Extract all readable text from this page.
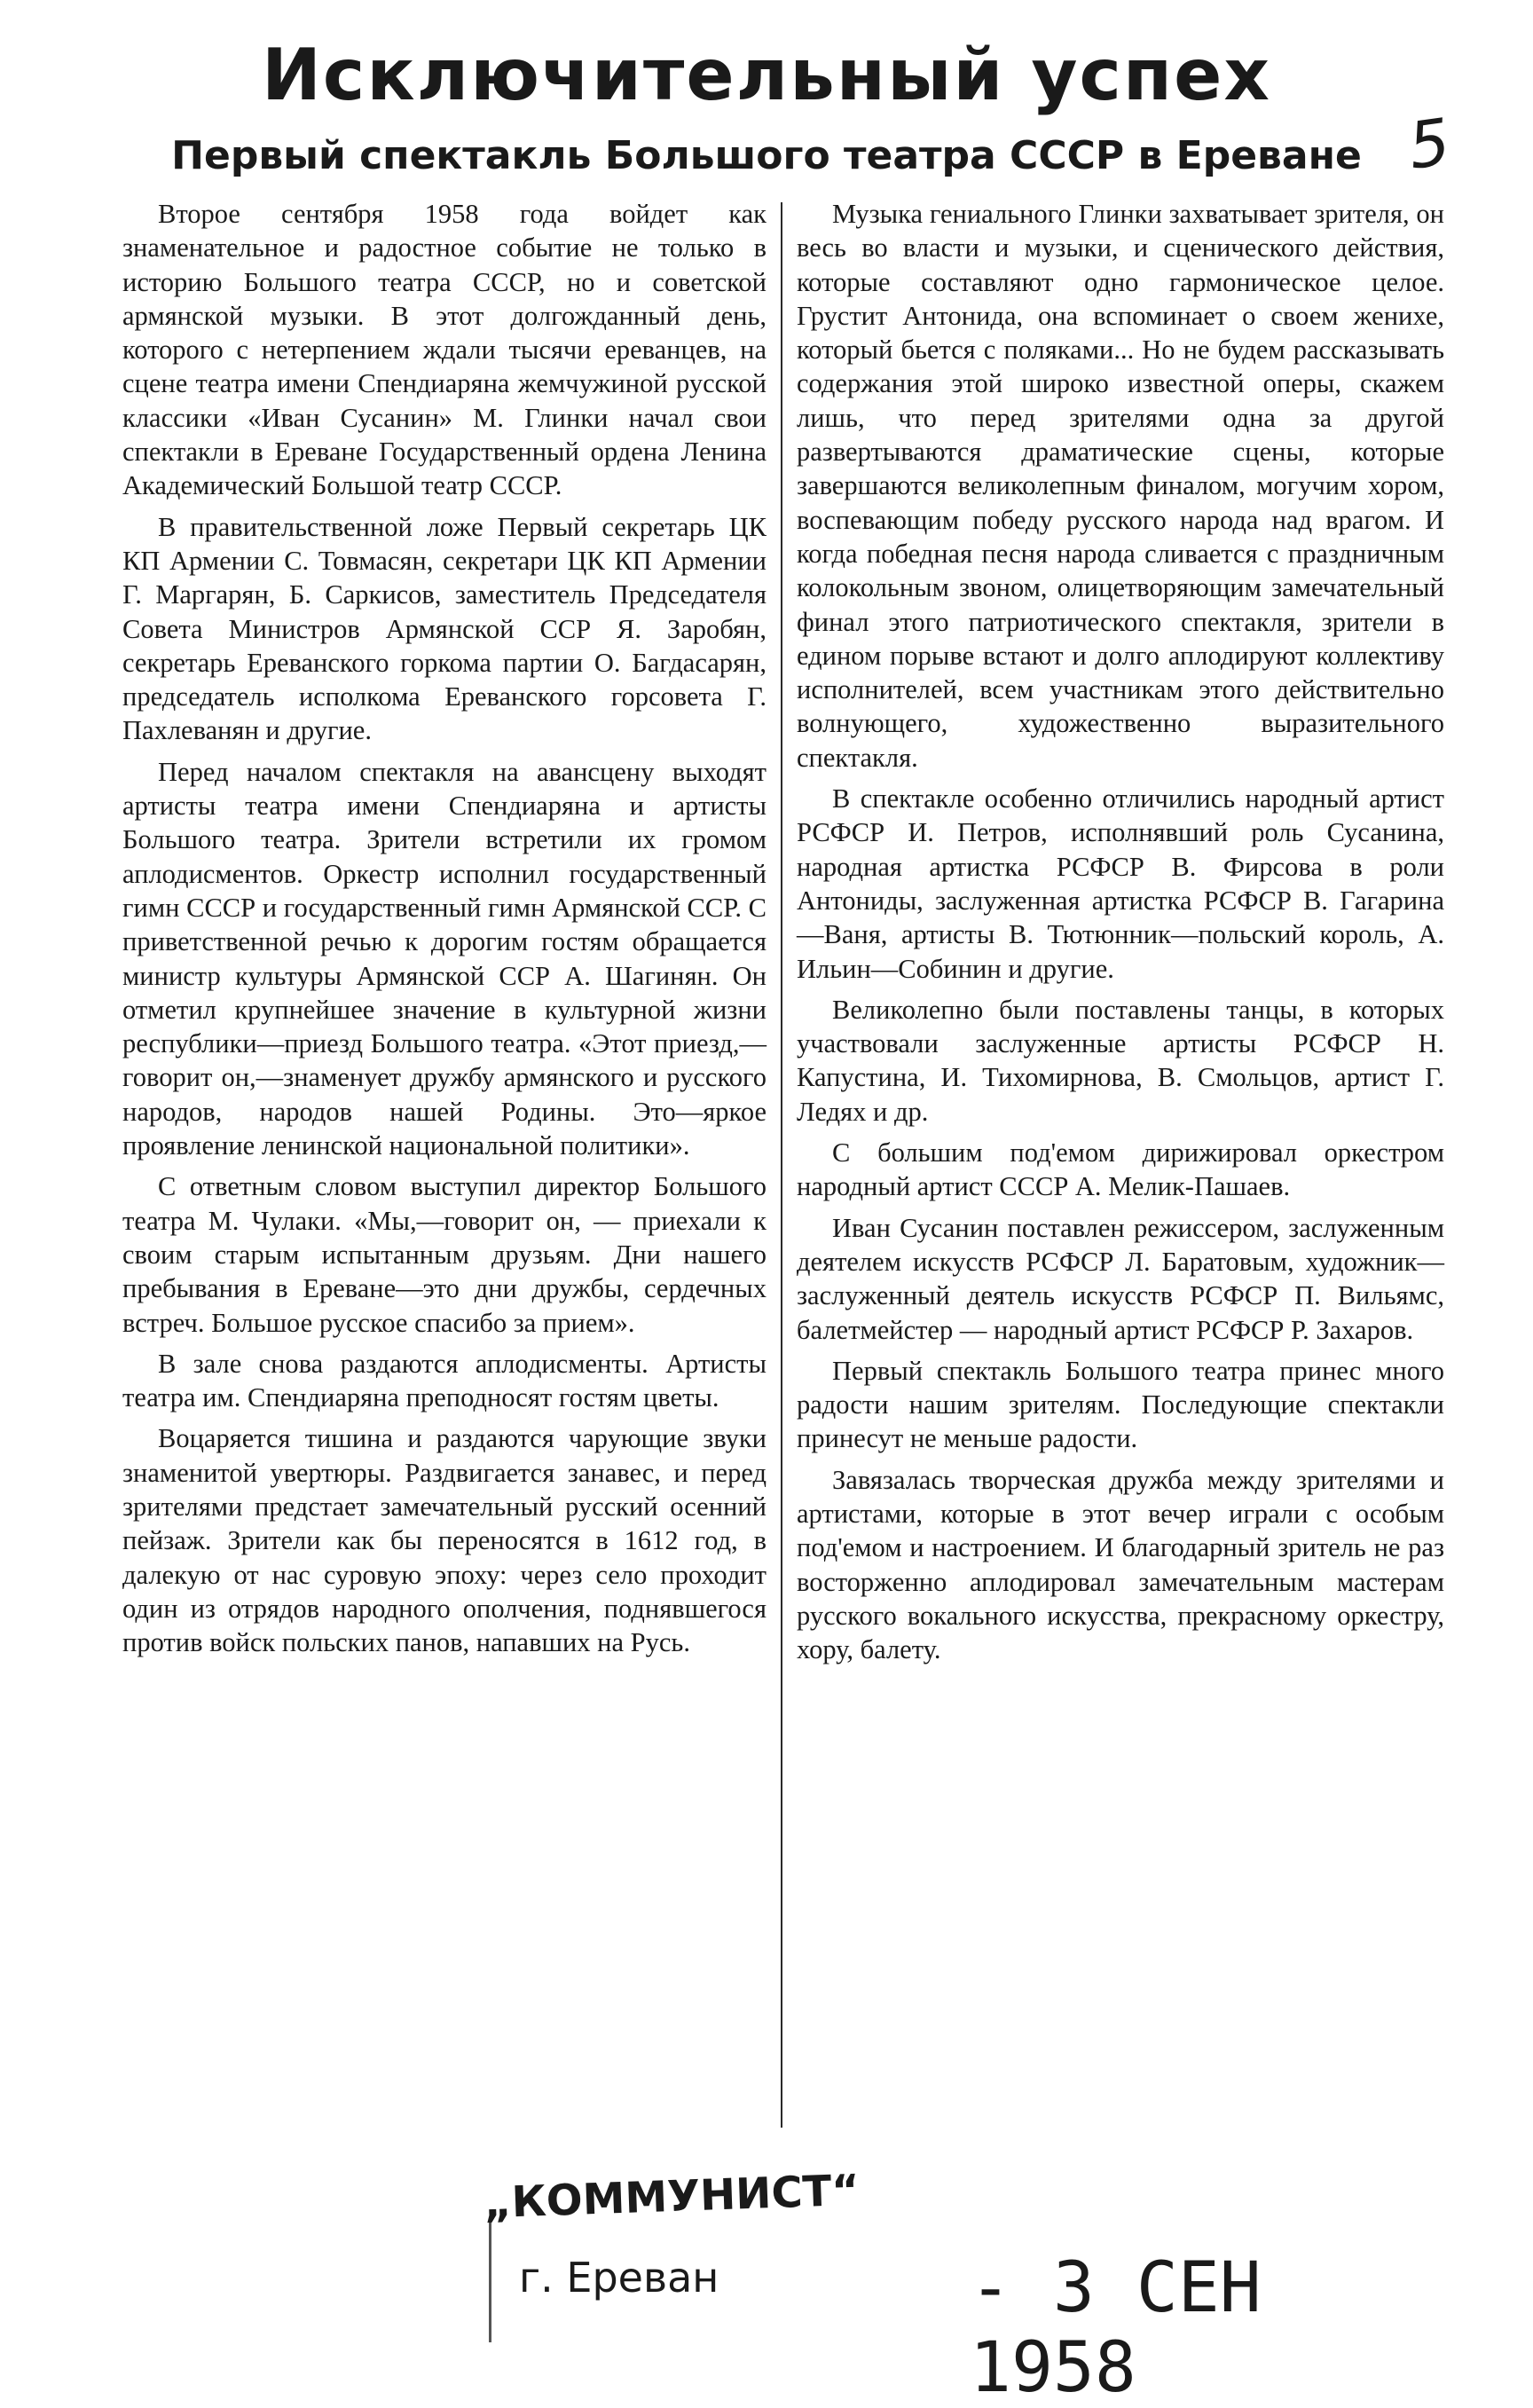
Исключительный успех
Первый спектакль Большого театра СССР в Ереване 5

Второе сентября 1958 года войдет как знаменательное и радостное событие не только в историю Большого театра СССР, но и советской армянской музыки. В этот долгожданный день, которого с нетерпением ждали тысячи ереванцев, на сцене театра имени Спендиаряна жемчужиной русской классики «Иван Сусанин» М. Глинки начал свои спектакли в Ереване Государственный ордена Ленина Академический Большой театр СССР.

В правительственной ложе Первый секретарь ЦК КП Армении С. Товмасян, секретари ЦК КП Армении Г. Маргарян, Б. Саркисов, заместитель Председателя Совета Министров Армянской ССР Я. Заробян, секретарь Ереванского горкома партии О. Багдасарян, председатель исполкома Ереванского горсовета Г. Пахлеванян и другие.

Перед началом спектакля на авансцену выходят артисты театра имени Спендиаряна и артисты Большого театра. Зрители встретили их громом аплодисментов. Оркестр исполнил государственный гимн СССР и государственный гимн Армянской ССР. С приветственной речью к дорогим гостям обращается министр культуры Армянской ССР А. Шагинян. Он отметил крупнейшее значение в культурной жизни республики—приезд Большого театра. «Этот приезд,—говорит он,—знаменует дружбу армянского и русского народов, народов нашей Родины. Это—яркое проявление ленинской национальной политики».

С ответным словом выступил директор Большого театра М. Чулаки. «Мы,—говорит он, — приехали к своим старым испытанным друзьям. Дни нашего пребывания в Ереване—это дни дружбы, сердечных встреч. Большое русское спасибо за прием».

В зале снова раздаются аплодисменты. Артисты театра им. Спендиаряна преподносят гостям цветы.

Воцаряется тишина и раздаются чарующие звуки знаменитой увертюры. Раздвигается занавес, и перед зрителями предстает замечательный русский осенний пейзаж. Зрители как бы переносятся в 1612 год, в далекую от нас суровую эпоху: через село проходит один из отрядов народного ополчения, поднявшегося против войск польских панов, напавших на Русь.

Музыка гениального Глинки захватывает зрителя, он весь во власти и музыки, и сценического действия, которые составляют одно гармоническое целое. Грустит Антонида, она вспоминает о своем женихе, который бьется с поляками... Но не будем рассказывать содержания этой широко известной оперы, скажем лишь, что перед зрителями одна за другой развертываются драматические сцены, которые завершаются великолепным финалом, могучим хором, воспевающим победу русского народа над врагом. И когда победная песня народа сливается с праздничным колокольным звоном, олицетворяющим замечательный финал этого патриотического спектакля, зрители в едином порыве встают и долго аплодируют коллективу исполнителей, всем участникам этого действительно волнующего, художественно выразительного спектакля.

В спектакле особенно отличились народный артист РСФСР И. Петров, исполнявший роль Сусанина, народная артистка РСФСР В. Фирсова в роли Антониды, заслуженная артистка РСФСР В. Гагарина—Ваня, артисты В. Тютюнник—польский король, А. Ильин—Собинин и другие.

Великолепно были поставлены танцы, в которых участвовали заслуженные артисты РСФСР Н. Капустина, И. Тихомирнова, В. Смольцов, артист Г. Ледях и др.

С большим под'емом дирижировал оркестром народный артист СССР А. Мелик-Пашаев.

Иван Сусанин поставлен режиссером, заслуженным деятелем искусств РСФСР Л. Баратовым, художник—заслуженный деятель искусств РСФСР П. Вильямс, балетмейстер — народный артист РСФСР Р. Захаров.

Первый спектакль Большого театра принес много радости нашим зрителям. Последующие спектакли принесут не меньше радости.

Завязалась творческая дружба между зрителями и артистами, которые в этот вечер играли с особым под'емом и настроением. И благодарный зритель не раз восторженно аплодировал замечательным мастерам русского вокального искусства, прекрасному оркестру, хору, балету.

„КОММУНИСТ“
г. Ереван	- 3 СЕН 1958
